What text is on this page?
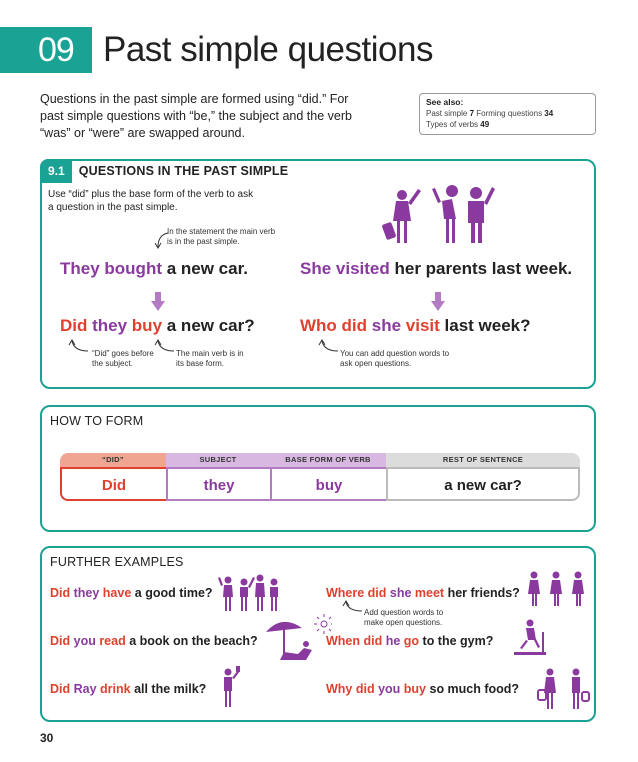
09 Past simple questions

Questions in the past simple are formed using “did.” For past simple questions with “be,” the subject and the verb “was” or “were” are swapped around.

See also:
Past simple 7 Forming questions 34
Types of verbs 49
9.1	QUESTIONS IN THE PAST SIMPLE

Use “did” plus the base form of the verb to ask a question in the past simple.

In the statement the main verb is in the past simple.
They bought a new car.	She visited her parents last week.
Did they buy a new car?	Who did she visit last week?
“Did” goes before the subject.
The main verb is in its base form.
You can add question words to ask open questions.
HOW TO FORM
“DID”	SUBJECT	BASE FORM OF VERB	REST OF SENTENCE
Did	they	buy	a new car?
FURTHER EXAMPLES
Did they have a good time?
Did you read a book on the beach?
Did Ray drink all the milk?
Where did she meet her friends?
When did he go to the gym?
Why did you buy so much food?
Add question words to make open questions.
30
